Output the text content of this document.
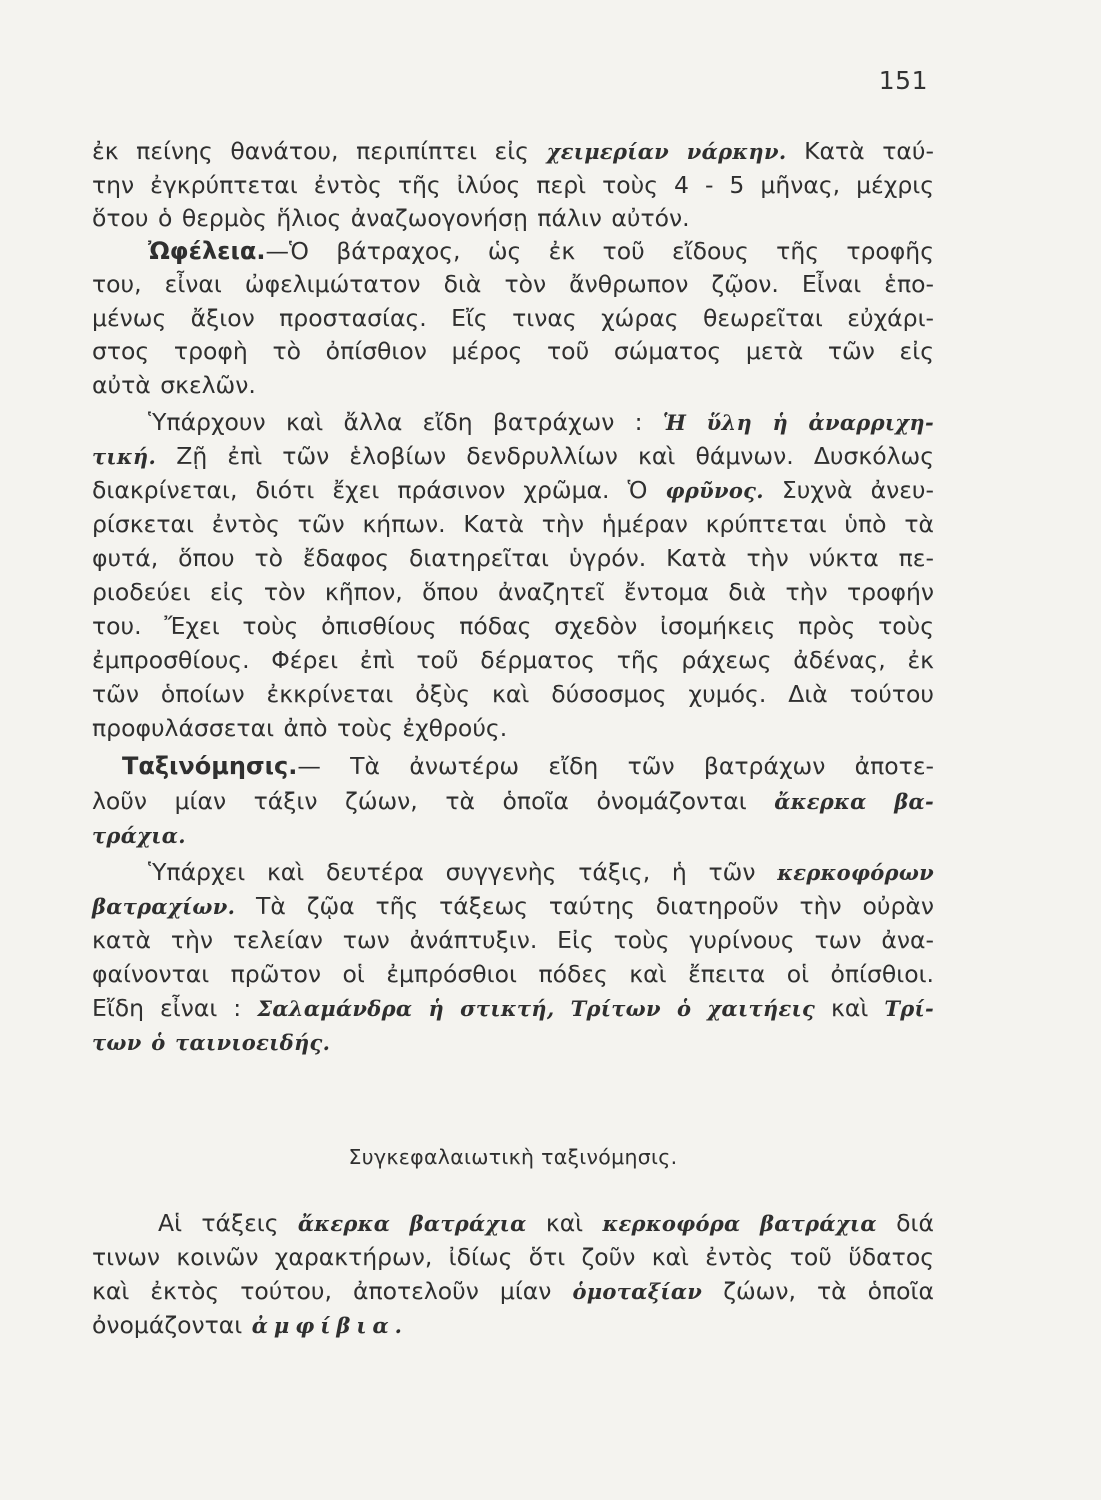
151
ἐκ πείνης θανάτου, περιπίπτει εἰς χειμερίαν νάρκην. Κατὰ ταύ-
την ἐγκρύπτεται ἐντὸς τῆς ἰλύος περὶ τοὺς 4 - 5 μῆνας, μέχρις
ὅτου ὁ θερμὸς ἥλιος ἀναζωογονήσῃ πάλιν αὐτόν.
Ὠφέλεια.—Ὁ βάτραχος, ὡς ἐκ τοῦ εἴδους τῆς τροφῆς
του, εἶναι ὠφελιμώτατον διὰ τὸν ἄνθρωπον ζῷον. Εἶναι ἑπο-
μένως ἄξιον προστασίας. Εἴς τινας χώρας θεωρεῖται εὐχάρι-
στος τροφὴ τὸ ὀπίσθιον μέρος τοῦ σώματος μετὰ τῶν εἰς
αὐτὰ σκελῶν.
Ὑπάρχουν καὶ ἄλλα εἴδη βατράχων : Ἡ ὕλη ἡ ἀναρριχη-
τική. Ζῇ ἐπὶ τῶν ἑλοβίων δενδρυλλίων καὶ θάμνων. Δυσκόλως
διακρίνεται, διότι ἔχει πράσινον χρῶμα. Ὁ φρῦνος. Συχνὰ ἀνευ-
ρίσκεται ἐντὸς τῶν κήπων. Κατὰ τὴν ἡμέραν κρύπτεται ὑπὸ τὰ
φυτά, ὅπου τὸ ἔδαφος διατηρεῖται ὑγρόν. Κατὰ τὴν νύκτα πε-
ριοδεύει εἰς τὸν κῆπον, ὅπου ἀναζητεῖ ἔντομα διὰ τὴν τροφήν
του. Ἔχει τοὺς ὀπισθίους πόδας σχεδὸν ἰσομήκεις πρὸς τοὺς
ἐμπροσθίους. Φέρει ἐπὶ τοῦ δέρματος τῆς ράχεως ἀδένας, ἐκ
τῶν ὁποίων ἐκκρίνεται ὀξὺς καὶ δύσοσμος χυμός. Διὰ τούτου
προφυλάσσεται ἀπὸ τοὺς ἐχθρούς.
Ταξινόμησις.— Τὰ ἀνωτέρω εἴδη τῶν βατράχων ἀποτε-
λοῦν μίαν τάξιν ζώων, τὰ ὁποῖα ὀνομάζονται ἄκερκα βα-
τράχια.
Ὑπάρχει καὶ δευτέρα συγγενὴς τάξις, ἡ τῶν κερκοφόρων
βατραχίων. Τὰ ζῷα τῆς τάξεως ταύτης διατηροῦν τὴν οὐρὰν
κατὰ τὴν τελείαν των ἀνάπτυξιν. Εἰς τοὺς γυρίνους των ἀνα-
φαίνονται πρῶτον οἱ ἐμπρόσθιοι πόδες καὶ ἔπειτα οἱ ὀπίσθιοι.
Εἴδη εἶναι : Σαλαμάνδρα ἡ στικτή, Τρίτων ὁ χαιτήεις καὶ Τρί-
των ὁ ταινιοειδής.
Συγκεφαλαιωτικὴ ταξινόμησις.
Αἱ τάξεις ἄκερκα βατράχια καὶ κερκοφόρα βατράχια διά
τινων κοινῶν χαρακτήρων, ἰδίως ὅτι ζοῦν καὶ ἐντὸς τοῦ ὕδατος
καὶ ἐκτὸς τούτου, ἀποτελοῦν μίαν ὁμοταξίαν ζώων, τὰ ὁποῖα
ὀνομάζονται ἀμφίβια.
